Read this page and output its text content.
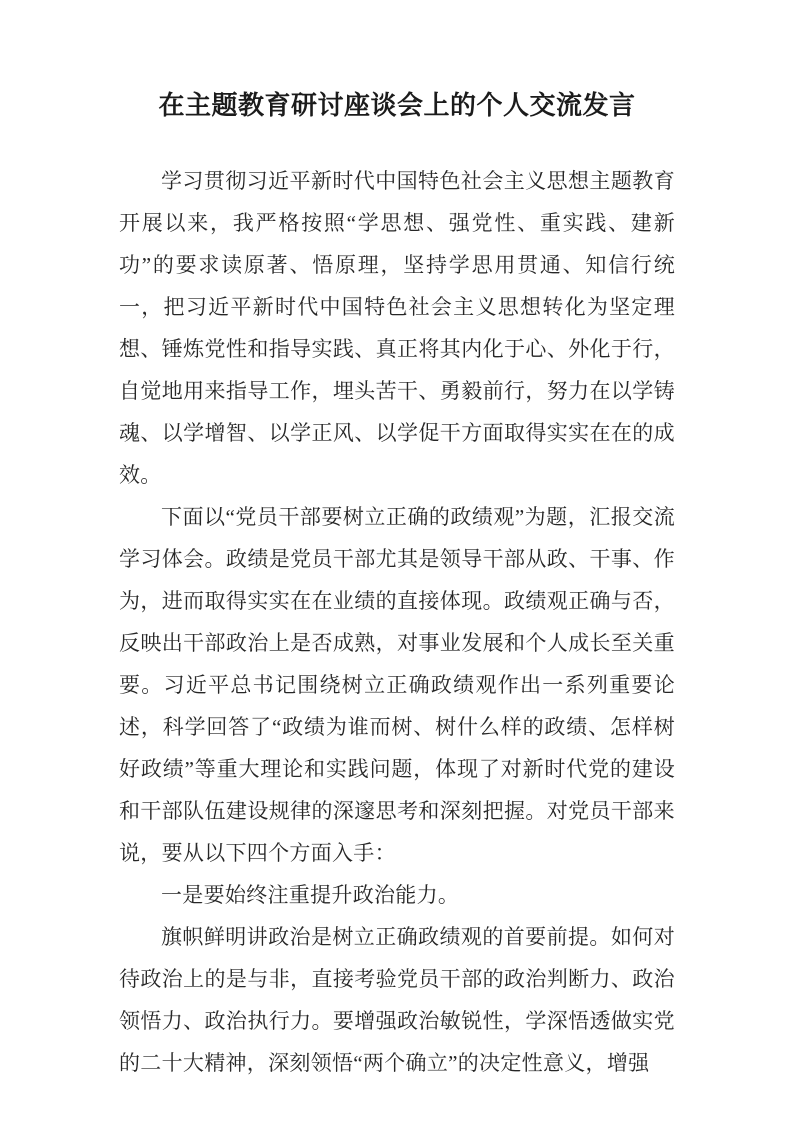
在主题教育研讨座谈会上的个人交流发言

学习贯彻习近平新时代中国特色社会主义思想主题教育开展以来，我严格按照“学思想、强党性、重实践、建新功”的要求读原著、悟原理，坚持学思用贯通、知信行统一，把习近平新时代中国特色社会主义思想转化为坚定理想、锤炼党性和指导实践、真正将其内化于心、外化于行，自觉地用来指导工作，埋头苦干、勇毅前行，努力在以学铸魂、以学增智、以学正风、以学促干方面取得实实在在的成效。

下面以“党员干部要树立正确的政绩观”为题，汇报交流学习体会。政绩是党员干部尤其是领导干部从政、干事、作为，进而取得实实在在业绩的直接体现。政绩观正确与否，反映出干部政治上是否成熟，对事业发展和个人成长至关重要。习近平总书记围绕树立正确政绩观作出一系列重要论述，科学回答了“政绩为谁而树、树什么样的政绩、怎样树好政绩”等重大理论和实践问题，体现了对新时代党的建设和干部队伍建设规律的深邃思考和深刻把握。对党员干部来说，要从以下四个方面入手：

一是要始终注重提升政治能力。

旗帜鲜明讲政治是树立正确政绩观的首要前提。如何对待政治上的是与非，直接考验党员干部的政治判断力、政治领悟力、政治执行力。要增强政治敏锐性，学深悟透做实党的二十大精神，深刻领悟“两个确立”的决定性意义，增强
